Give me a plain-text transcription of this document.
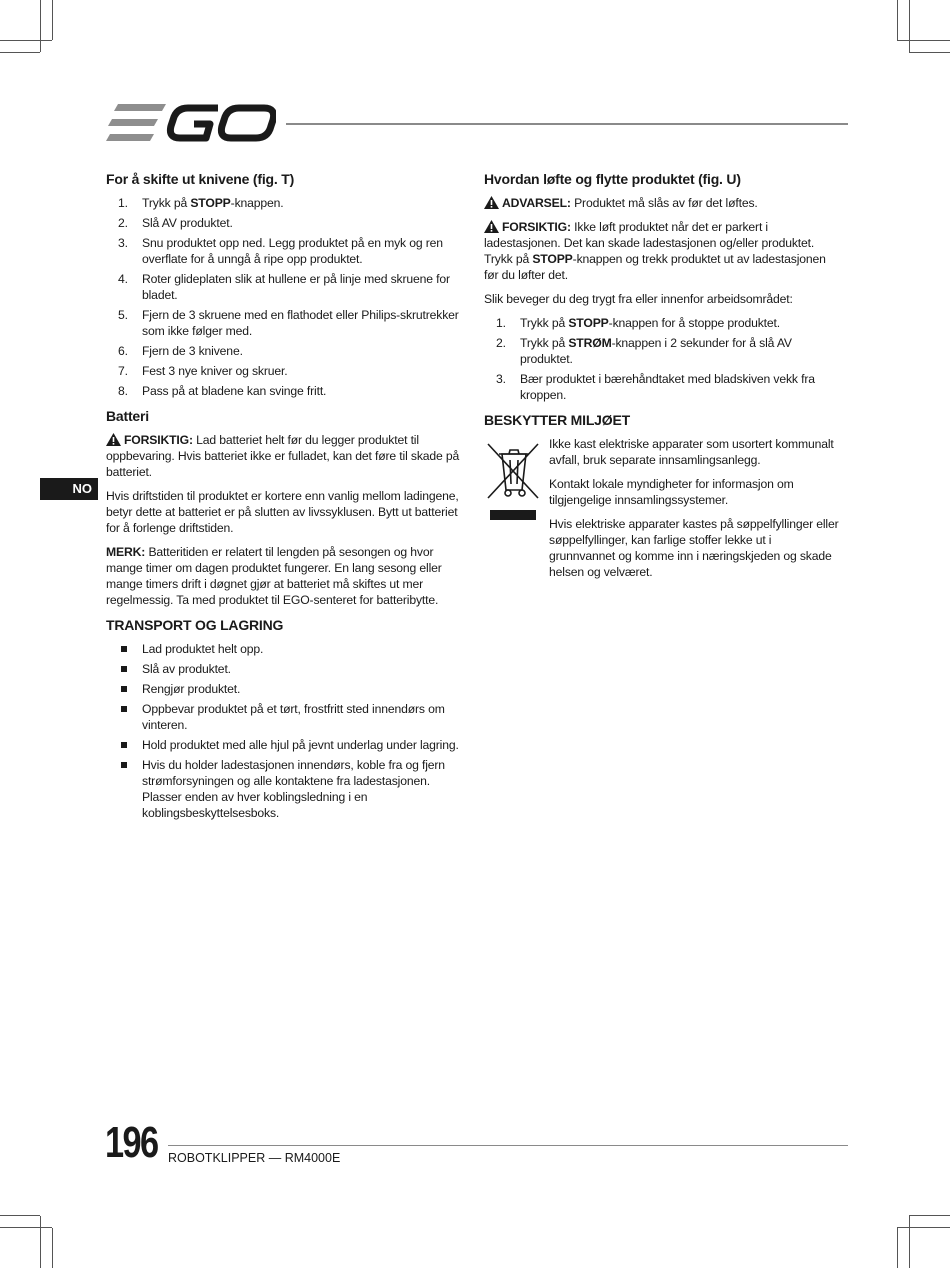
NO
For å skifte ut knivene (fig. T)
1. Trykk på STOPP-knappen.
2. Slå AV produktet.
3. Snu produktet opp ned. Legg produktet på en myk og ren overflate for å unngå å ripe opp produktet.
4. Roter glideplaten slik at hullene er på linje med skruene for bladet.
5. Fjern de 3 skruene med en flathodet eller Philips-skrutrekker som ikke følger med.
6. Fjern de 3 knivene.
7. Fest 3 nye kniver og skruer.
8. Pass på at bladene kan svinge fritt.
Batteri

FORSIKTIG: Lad batteriet helt før du legger produktet til oppbevaring. Hvis batteriet ikke er fulladet, kan det føre til skade på batteriet.

Hvis driftstiden til produktet er kortere enn vanlig mellom ladingene, betyr dette at batteriet er på slutten av livssyklusen. Bytt ut batteriet for å forlenge driftstiden.

MERK: Batteritiden er relatert til lengden på sesongen og hvor mange timer om dagen produktet fungerer. En lang sesong eller mange timers drift i døgnet gjør at batteriet må skiftes ut mer regelmessig. Ta med produktet til EGO-senteret for batteribytte.

TRANSPORT OG LAGRING
Lad produktet helt opp.
Slå av produktet.
Rengjør produktet.
Oppbevar produktet på et tørt, frostfritt sted innendørs om vinteren.
Hold produktet med alle hjul på jevnt underlag under lagring.
Hvis du holder ladestasjonen innendørs, koble fra og fjern strømforsyningen og alle kontaktene fra ladestasjonen. Plasser enden av hver koblingsledning i en koblingsbeskyttelsesboks.
Hvordan løfte og flytte produktet (fig. U)

ADVARSEL: Produktet må slås av før det løftes.

FORSIKTIG: Ikke løft produktet når det er parkert i ladestasjonen. Det kan skade ladestasjonen og/eller produktet. Trykk på STOPP-knappen og trekk produktet ut av ladestasjonen før du løfter det.

Slik beveger du deg trygt fra eller innenfor arbeidsområdet:

1. Trykk på STOPP-knappen for å stoppe produktet.
2. Trykk på STRØM-knappen i 2 sekunder for å slå AV produktet.
3. Bær produktet i bærehåndtaket med bladskiven vekk fra kroppen.
BESKYTTER MILJØET

Ikke kast elektriske apparater som usortert kommunalt avfall, bruk separate innsamlingsanlegg.

Kontakt lokale myndigheter for informasjon om tilgjengelige innsamlingssystemer.

Hvis elektriske apparater kastes på søppelfyllinger eller søppelfyllinger, kan farlige stoffer lekke ut i grunnvannet og komme inn i næringskjeden og skade helsen og velværet.

196 ROBOTKLIPPER — RM4000E
